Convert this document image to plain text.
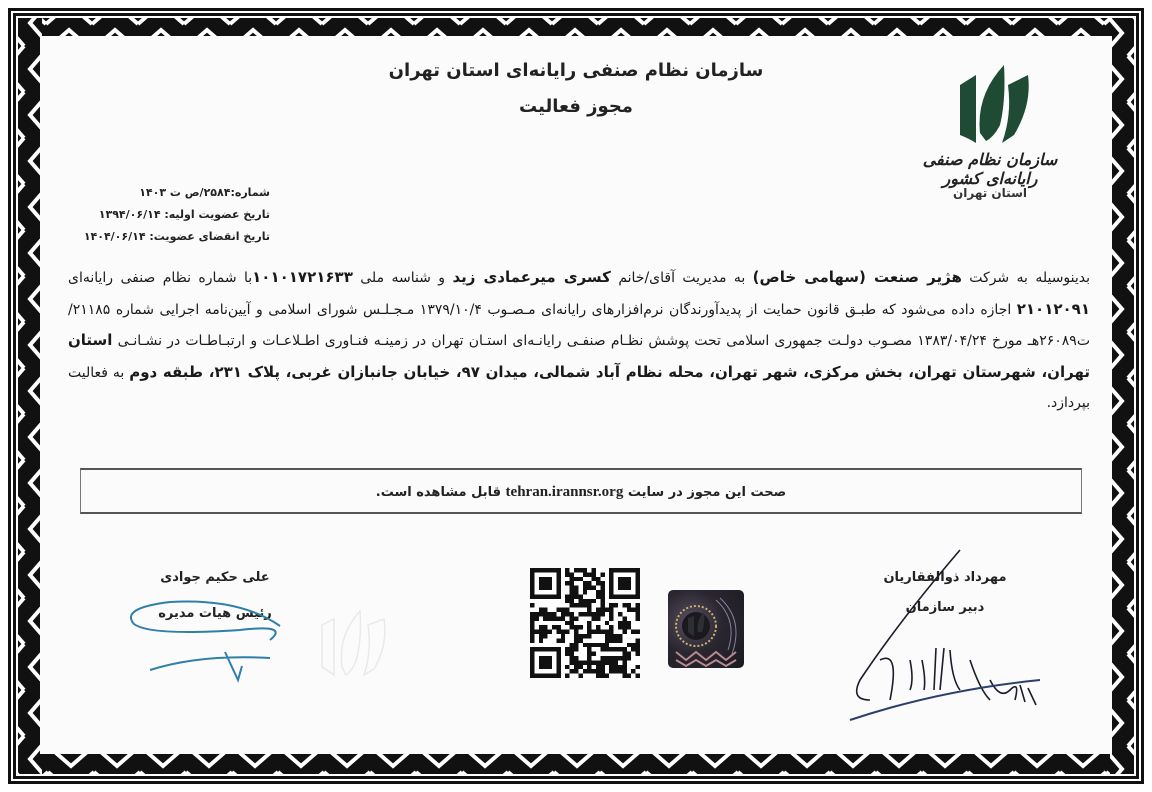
سازمان نظام صنفی رایانه‌ای استان تهران
مجوز فعالیت
سازمان نظام صنفی رایانه‌ای کشور
استان تهران
شماره:۲۵۸۴/ص ت ۱۴۰۳
تاریخ عضویت اولیه: ۱۳۹۴/۰۶/۱۴
تاریخ انقضای عضویت: ۱۴۰۴/۰۶/۱۴
بدینوسیله به شرکت هژیر صنعت (سهامی خاص) به مدیریت آقای/خانم کسری میرعمادی زید و شناسه ملی ۱۰۱۰۱۷۲۱۶۳۳با شماره نظام صنفی رایانه‌ای ۲۱۰۱۲۰۹۱ اجازه داده می‌شود که طبـق قانون حمایت از پدیدآورندگان نرم‌افزارهای رایانه‌ای مـصـوب ۱۳۷۹/۱۰/۴ مـجـلـس شورای اسلامی و آیین‌نامه اجرایی شماره ۲۱۱۸۵/ت۲۶۰۸۹هـ مورخ ۱۳۸۳/۰۴/۲۴ مصـوب دولـت جمهوری اسلامی تحت پوشش نظـام صنفـی رایانـه‌ای استـان تهران در زمینـه فنـاوری اطـلاعـات و ارتبـاطـات در نشـانـی استان تهران، شهرستان تهران، بخش مرکزی، شهر تهران، محله نظام آباد شمالی، میدان ۹۷، خیابان جانبازان غربی، پلاک ۲۳۱، طبقه دوم به فعالیت بپردازد.
صحت این مجوز در سایت tehran.irannsr.org قابل مشاهده است.
علی حکیم جوادی
رئیس هیات مدیره
مهرداد ذوالفقاریان
دبیر سازمان
